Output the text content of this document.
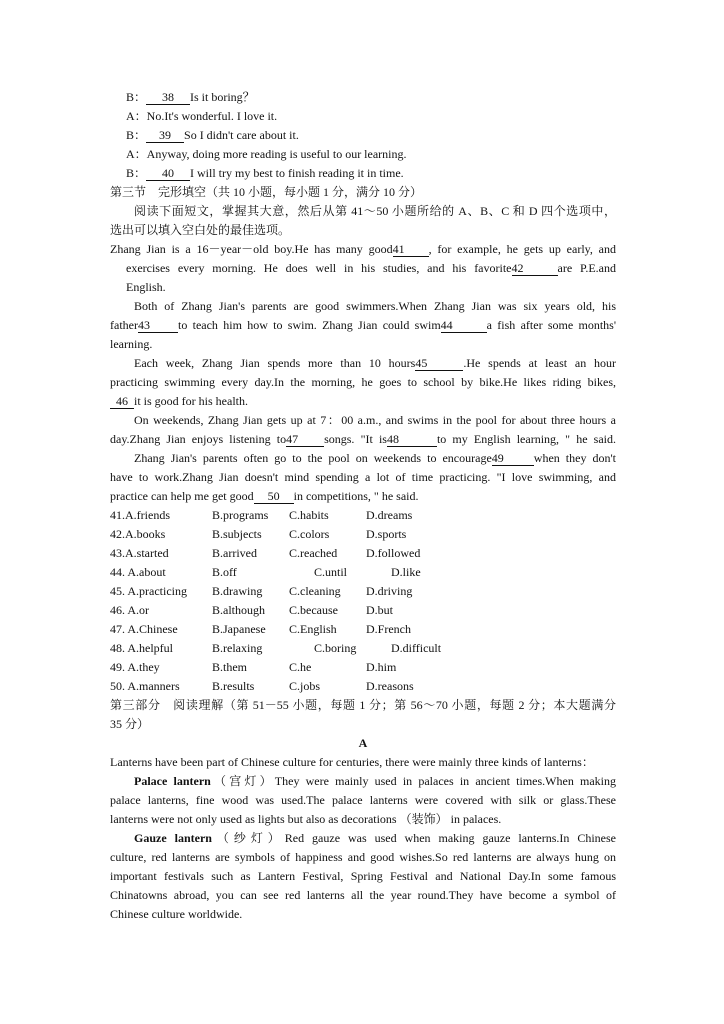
B： 38 Is it boring？
A：No.It's wonderful. I love it.
B： 39 So I didn't care about it.
A：Anyway, doing more reading is useful to our learning.
B： 40 I will try my best to finish reading it in time.
第三节　完形填空（共 10 小题，每小题 1 分，满分 10 分）
阅读下面短文，掌握其大意，然后从第 41～50 小题所给的 A、B、C 和 D 四个选项中，
选出可以填入空白处的最佳选项。
Zhang Jian is a 16－year－old boy.He has many good41 , for example, he gets up early, and
exercises every morning. He does well in his studies, and his favorite42	are P.E.and
English.
Both of Zhang Jian's parents are good swimmers.When Zhang Jian was six years old, his
father43 to teach him how to swim. Zhang Jian could swim44	a fish after some months'
learning.
Each week, Zhang Jian spends more than 10 hours45	.He spends at least an hour
practicing swimming every day.In the morning, he goes to school by bike.He likes riding bikes,
46 it is good for his health.
On weekends, Zhang Jian gets up at 7：00 a.m., and swims in the pool for about three hours a
day.Zhang Jian enjoys listening to47 songs. "It is48	to my English learning, " he said.
Zhang Jian's parents often go to the pool on weekends to encourage49	when they don't
have to work.Zhang Jian doesn't mind spending a lot of time practicing. "I love swimming, and
practice can help me get good 50 in competitions, " he said.
41.A.friends	B.programs	C.habits	D.dreams
42.A.books	B.subjects	C.colors	D.sports
43.A.started	B.arrived	C.reached	D.followed
44. A.about	B.off	C.until	D.like
45. A.practicing	B.drawing	C.cleaning	D.driving
46. A.or	B.although	C.because	D.but
47. A.Chinese	B.Japanese	C.English	D.French
48. A.helpful	B.relaxing	C.boring	D.difficult
49. A.they	B.them	C.he	D.him
50. A.manners	B.results	C.jobs	D.reasons
第三部分　阅读理解（第 51－55 小题，每题 1 分；第 56～70 小题，每题 2 分；本大题满分
35 分）
A
Lanterns have been part of Chinese culture for centuries, there were mainly three kinds of lanterns：
Palace lantern（宫灯）They were mainly used in palaces in ancient times.When making
palace lanterns, fine wood was used.The palace lanterns were covered with silk or glass.These
lanterns were not only used as lights but also as decorations （装饰） in palaces.
Gauze lantern（纱灯）Red gauze was used when making gauze lanterns.In Chinese
culture, red lanterns are symbols of happiness and good wishes.So red lanterns are always hung on
important festivals such as Lantern Festival, Spring Festival and National Day.In some famous
Chinatowns abroad, you can see red lanterns all the year round.They have become a symbol of
Chinese culture worldwide.
